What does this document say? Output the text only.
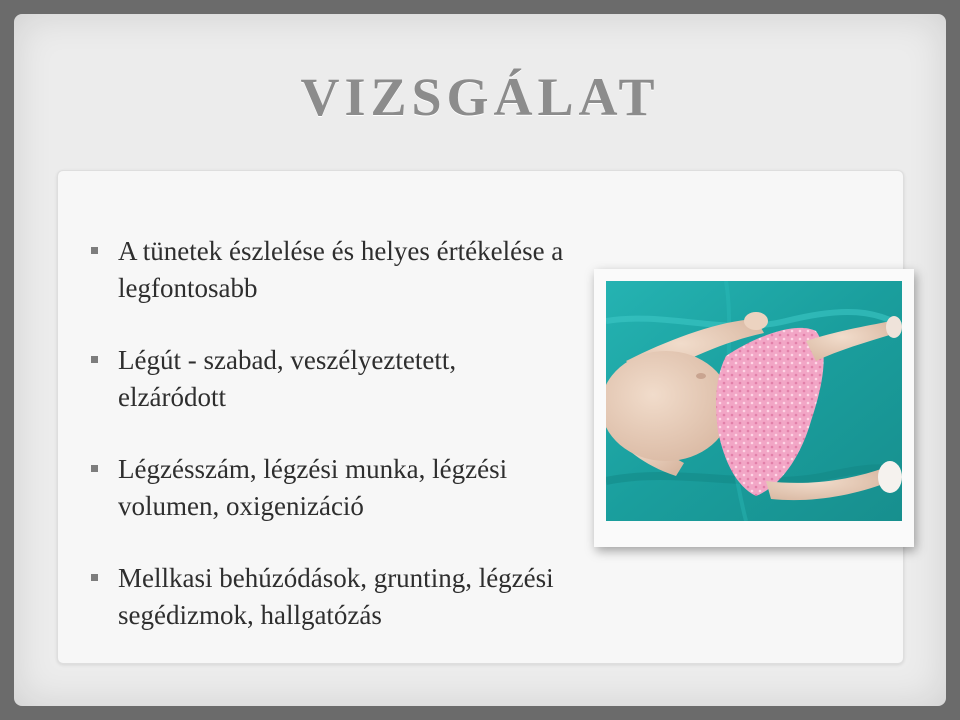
VIZSGÁLAT
A tünetek észlelése és helyes értékelése a
legfontosabb
Légút - szabad, veszélyeztetett,
elzáródott
Légzésszám, légzési munka, légzési
volumen, oxigenizáció
Mellkasi behúzódások, grunting, légzési
segédizmok, hallgatózás
